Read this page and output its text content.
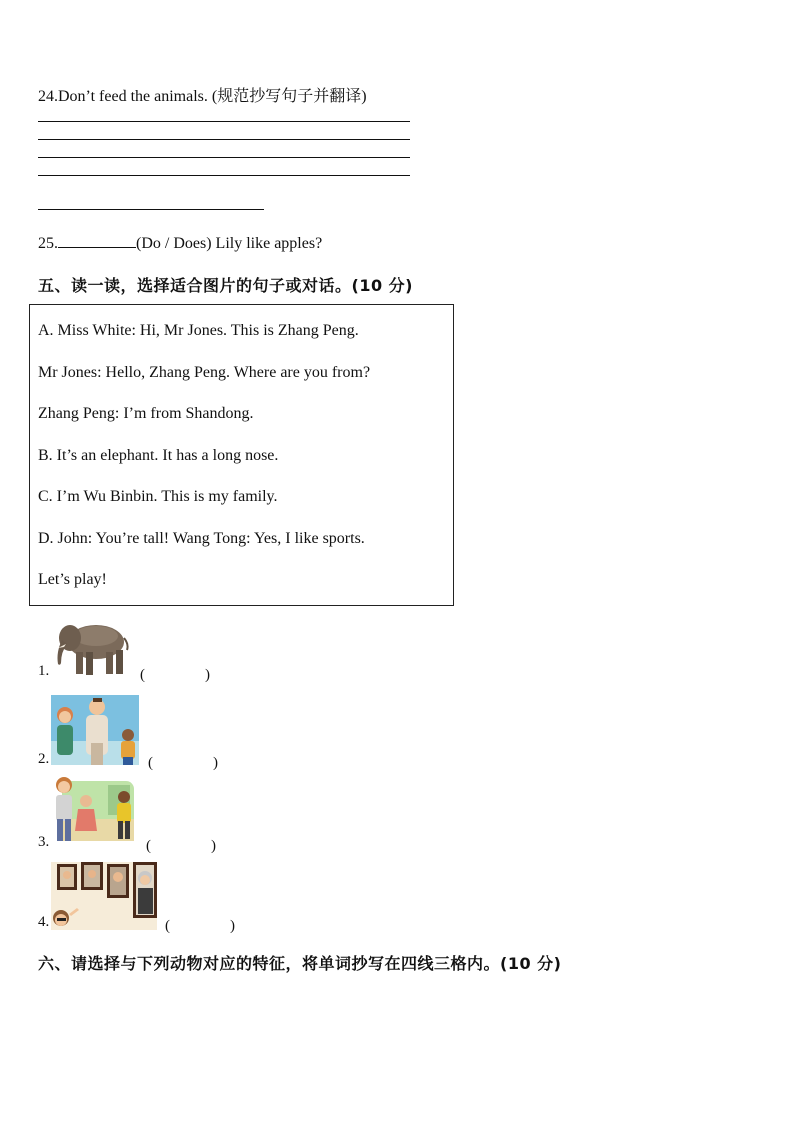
24.Don’t feed the animals. (规范抄写句子并翻译)
25.	(Do / Does) Lily like apples?
五、读一读，选择适合图片的句子或对话。(10 分)
A. Miss White: Hi, Mr Jones. This is Zhang Peng.
Mr Jones: Hello, Zhang Peng. Where are you from?
Zhang Peng: I’m from Shandong.
B. It’s an elephant. It has a long nose.
C. I’m Wu Binbin. This is my family.
D. John: You’re tall! Wang Tong: Yes, I like sports.
Let’s play!
1.	(　　　　)
2.	(　　　　)
3.	(　　　　)
4.	(　　　　)
六、请选择与下列动物对应的特征，将单词抄写在四线三格内。(10 分)
